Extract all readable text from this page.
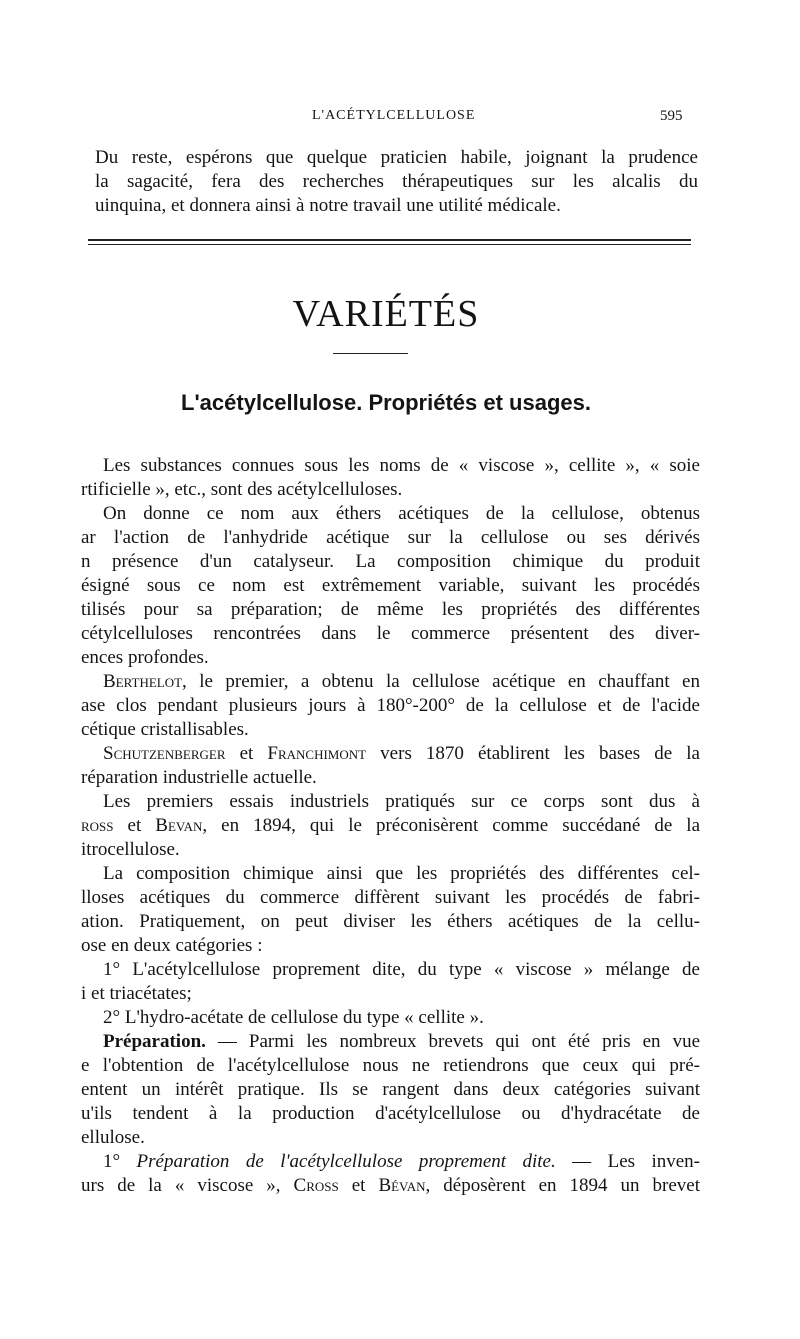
L'ACÉTYLCELLULOSE	595
Du reste, espérons que quelque praticien habile, joignant la prudence
la sagacité, fera des recherches thérapeutiques sur les alcalis du
uinquina, et donnera ainsi à notre travail une utilité médicale.
VARIÉTÉS
L'acétylcellulose. Propriétés et usages.
Les substances connues sous les noms de « viscose », cellite », « soie
rtificielle », etc., sont des acétylcelluloses.
On donne ce nom aux éthers acétiques de la cellulose, obtenus
ar l'action de l'anhydride acétique sur la cellulose ou ses dérivés
n présence d'un catalyseur. La composition chimique du produit
ésigné sous ce nom est extrêmement variable, suivant les procédés
tilisés pour sa préparation; de même les propriétés des différentes
cétylcelluloses rencontrées dans le commerce présentent des diver-
ences profondes.
Berthelot, le premier, a obtenu la cellulose acétique en chauffant en
ase clos pendant plusieurs jours à 180°-200° de la cellulose et de l'acide
cétique cristallisables.
Schutzenberger et Franchimont vers 1870 établirent les bases de la
réparation industrielle actuelle.
Les premiers essais industriels pratiqués sur ce corps sont dus à
ross et Bevan, en 1894, qui le préconisèrent comme succédané de la
itrocellulose.
La composition chimique ainsi que les propriétés des différentes cel-
lloses acétiques du commerce diffèrent suivant les procédés de fabri-
ation. Pratiquement, on peut diviser les éthers acétiques de la cellu-
ose en deux catégories :
1° L'acétylcellulose proprement dite, du type « viscose » mélange de
i et triacétates;
2° L'hydro-acétate de cellulose du type « cellite ».
Préparation. — Parmi les nombreux brevets qui ont été pris en vue
e l'obtention de l'acétylcellulose nous ne retiendrons que ceux qui pré-
entent un intérêt pratique. Ils se rangent dans deux catégories suivant
u'ils tendent à la production d'acétylcellulose ou d'hydracétate de
ellulose.
1° Préparation de l'acétylcellulose proprement dite. — Les inven-
urs de la « viscose », Cross et Bévan, déposèrent en 1894 un brevet
